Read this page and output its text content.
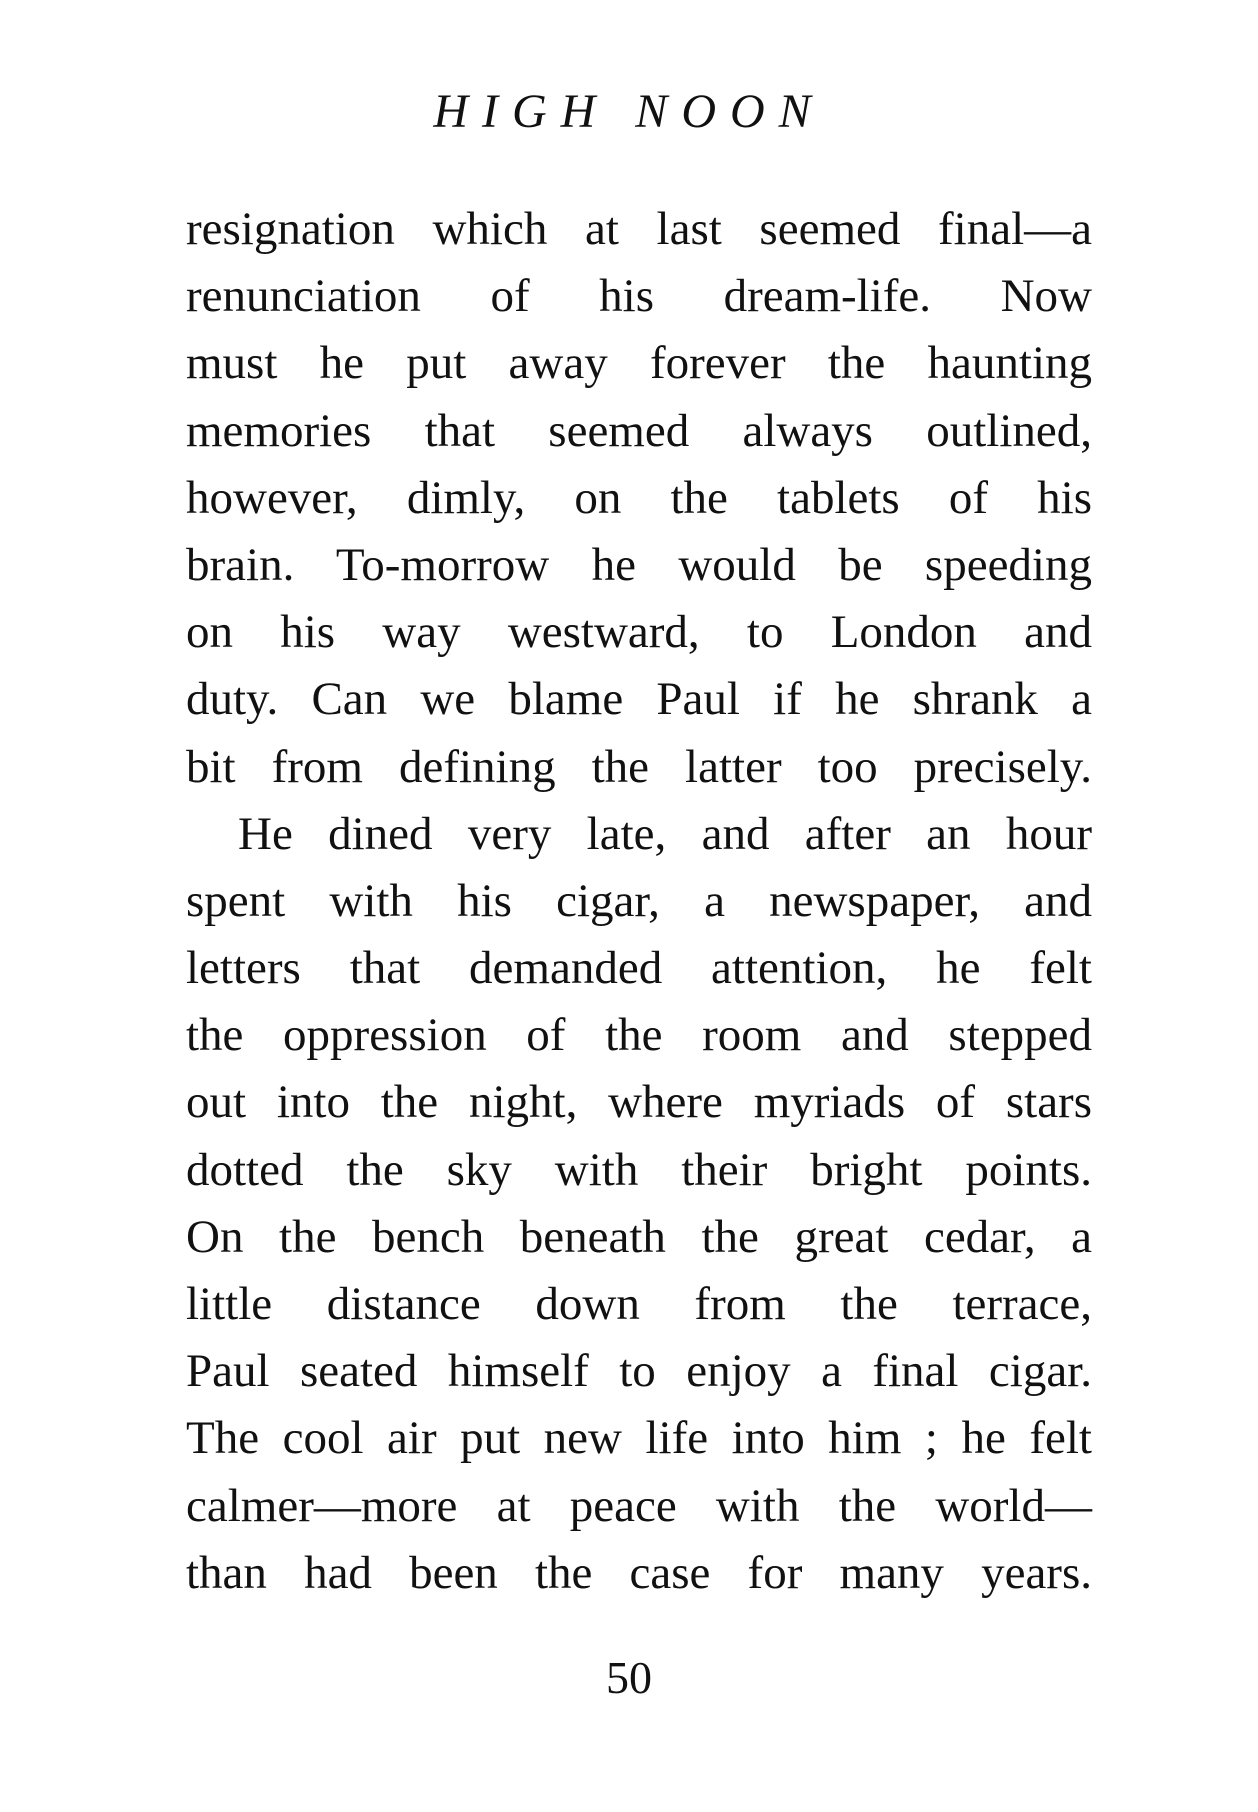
HIGH NOON
resignation which at last seemed final—a
renunciation of his dream-life. Now
must he put away forever the haunting
memories that seemed always outlined,
however, dimly, on the tablets of his
brain. To-morrow he would be speeding
on his way westward, to London and
duty. Can we blame Paul if he shrank a
bit from defining the latter too precisely.
He dined very late, and after an hour
spent with his cigar, a newspaper, and
letters that demanded attention, he felt
the oppression of the room and stepped
out into the night, where myriads of stars
dotted the sky with their bright points.
On the bench beneath the great cedar, a
little distance down from the terrace,
Paul seated himself to enjoy a final cigar.
The cool air put new life into him ; he felt
calmer—more at peace with the world—
than had been the case for many years.
50
